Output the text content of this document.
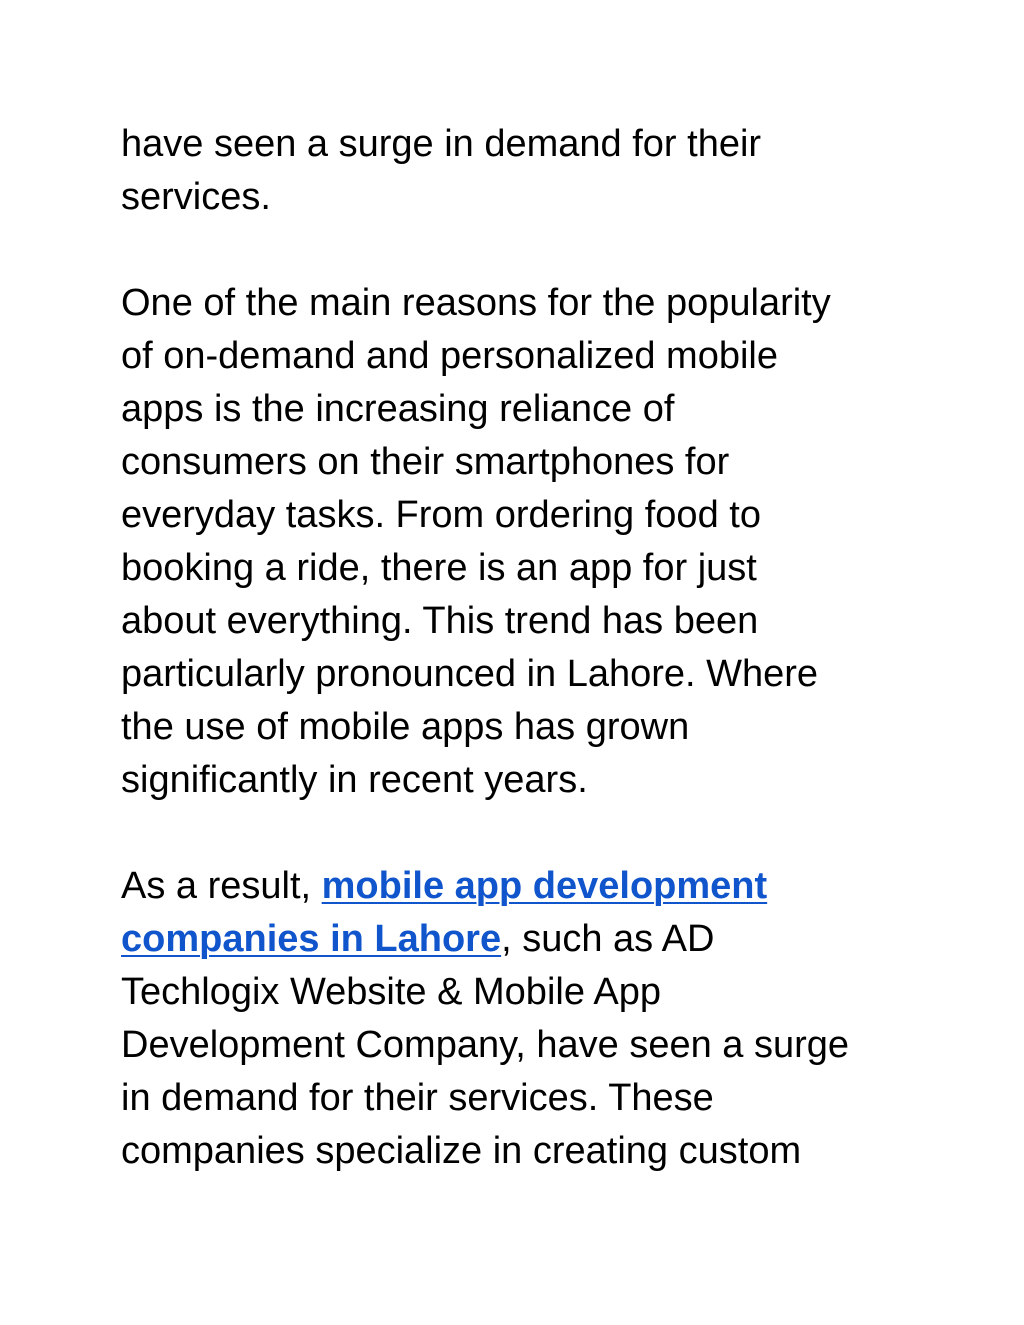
have seen a surge in demand for their

services.

One of the main reasons for the popularity

of on-demand and personalized mobile

apps is the increasing reliance of

consumers on their smartphones for

everyday tasks. From ordering food to

booking a ride, there is an app for just

about everything. This trend has been

particularly pronounced in Lahore. Where

the use of mobile apps has grown

significantly in recent years.

As a result, mobile app development

companies in Lahore, such as AD

Techlogix Website & Mobile App

Development Company, have seen a surge

in demand for their services. These

companies specialize in creating custom
